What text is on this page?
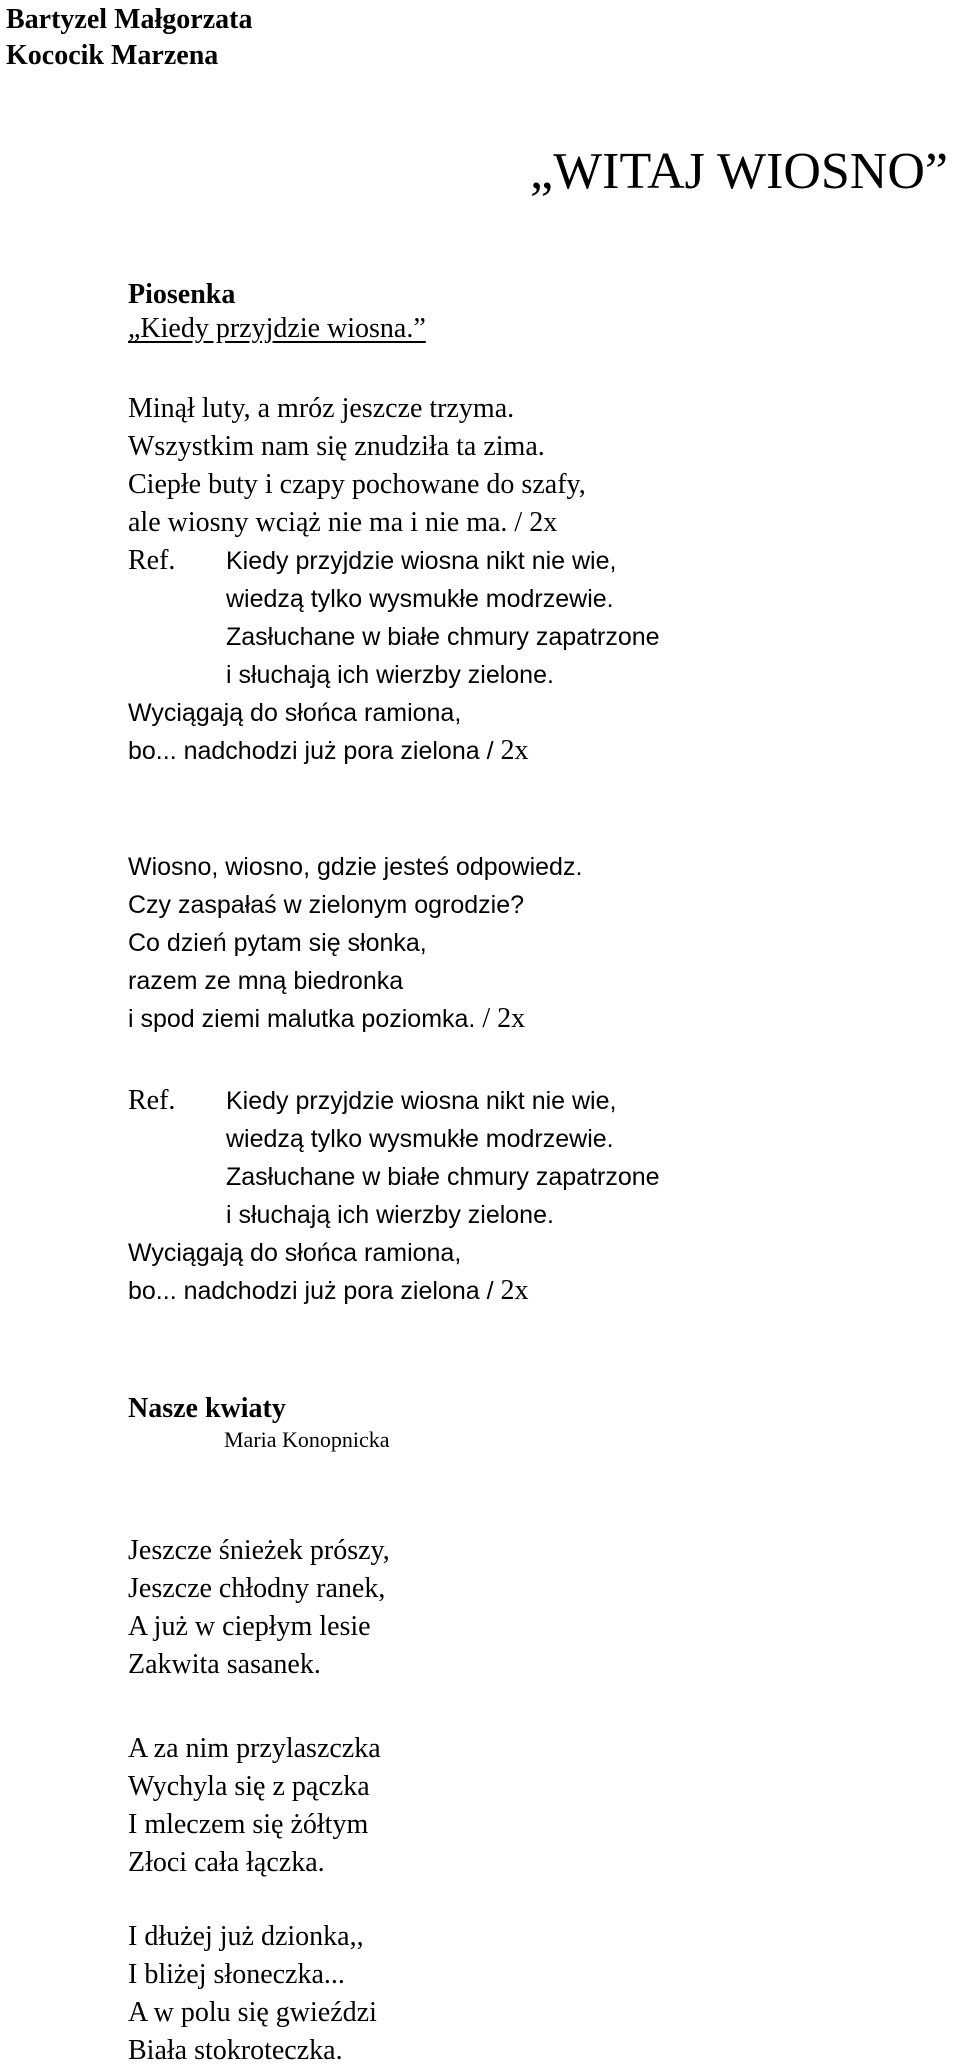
Bartyzel Małgorzata
Kococik Marzena
„WITAJ WIOSNO”
Piosenka
„Kiedy przyjdzie wiosna.”
Minął luty, a mróz jeszcze trzyma.
Wszystkim nam się znudziła ta zima.
Ciepłe buty i czapy pochowane do szafy,
ale wiosny wciąż nie ma i nie ma. / 2x
Ref.	Kiedy przyjdzie wiosna nikt nie wie,
wiedzą tylko wysmukłe modrzewie.
Zasłuchane w białe chmury zapatrzone
i słuchają ich wierzby zielone.
Wyciągają do słońca ramiona,
bo... nadchodzi już pora zielona / 2x
Wiosno, wiosno, gdzie jesteś odpowiedz.
Czy zaspałaś w zielonym ogrodzie?
Co dzień pytam się słonka,
razem ze mną biedronka
i spod ziemi malutka poziomka. / 2x
Ref.	Kiedy przyjdzie wiosna nikt nie wie,
wiedzą tylko wysmukłe modrzewie.
Zasłuchane w białe chmury zapatrzone
i słuchają ich wierzby zielone.
Wyciągają do słońca ramiona,
bo... nadchodzi już pora zielona / 2x
Nasze kwiaty
Maria Konopnicka
Jeszcze śnieżek prószy,
Jeszcze chłodny ranek,
A już w ciepłym lesie
Zakwita sasanek.
A za nim przylaszczka
Wychyla się z pączka
I mleczem się żółtym
Złoci cała łączka.
I dłużej już dzionka,,
I bliżej słoneczka...
A w polu się gwieździ
Biała stokroteczka.
